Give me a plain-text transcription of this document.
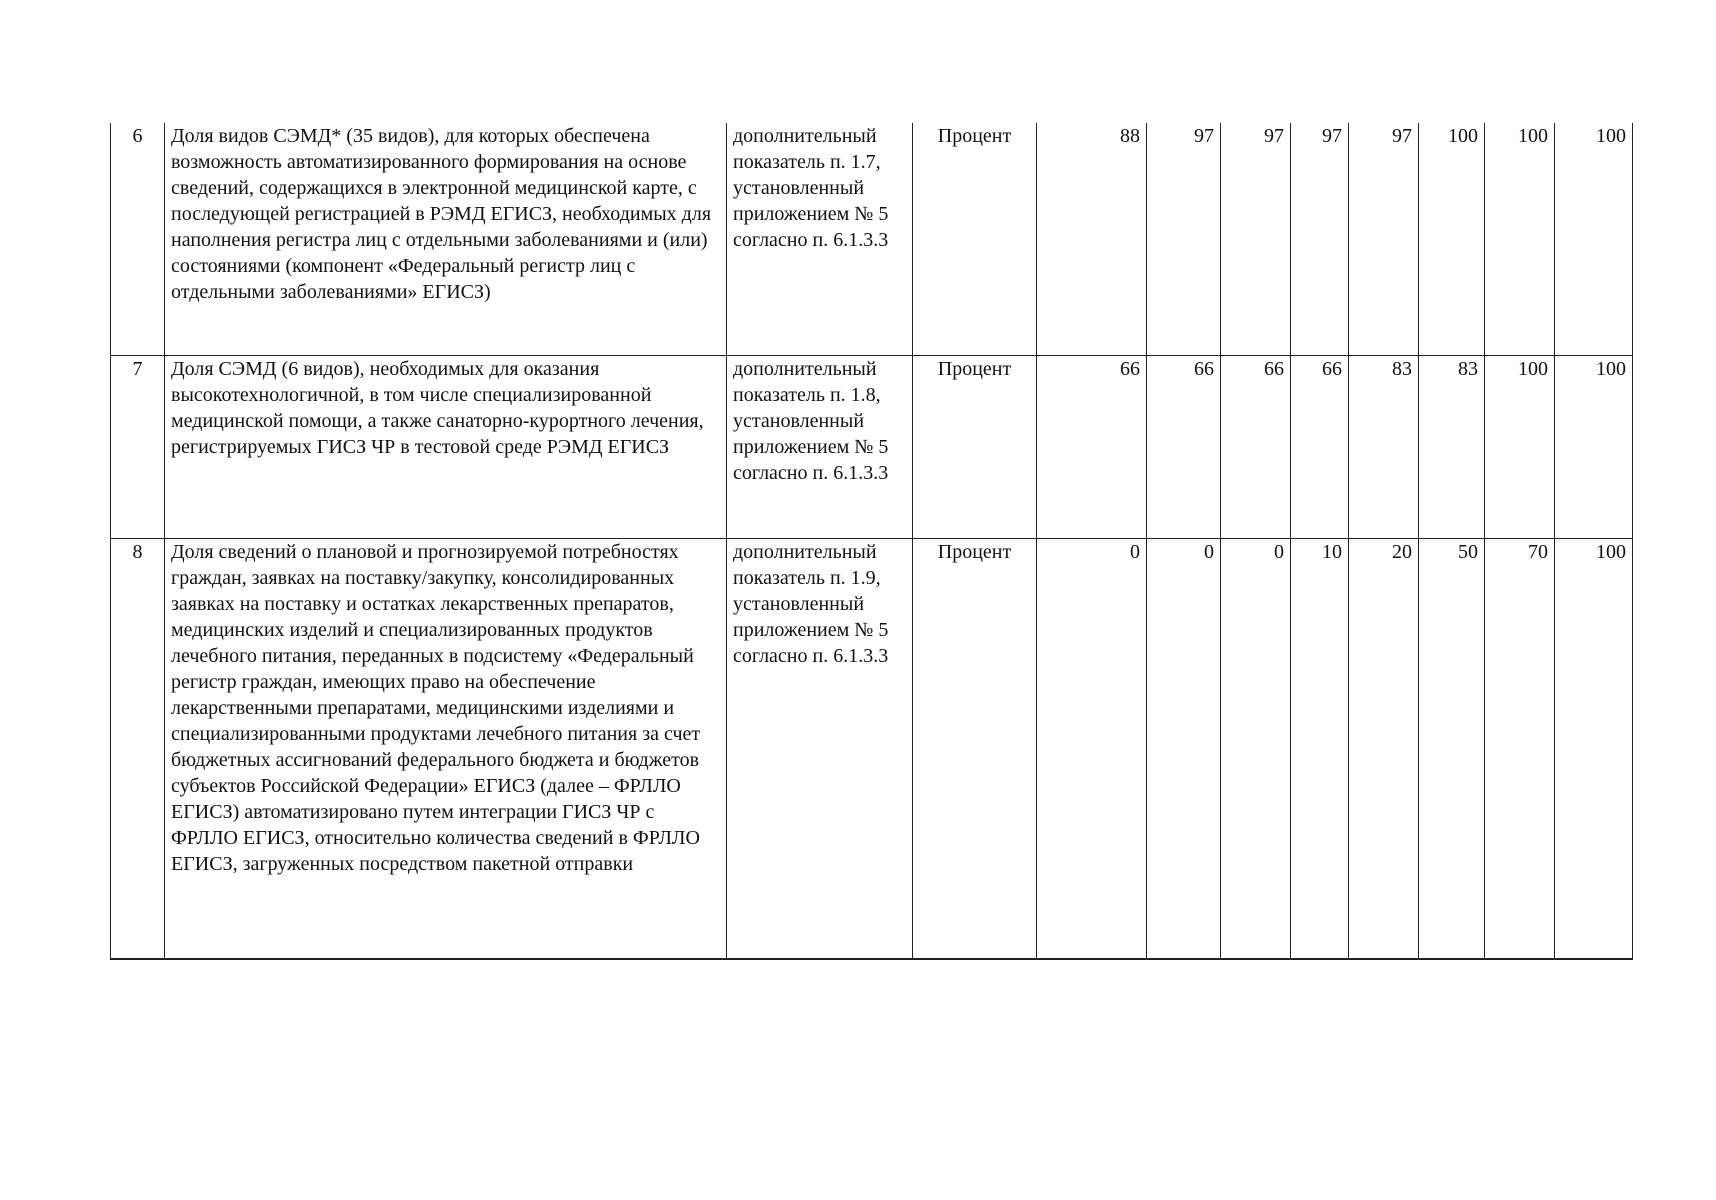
6	Доля видов СЭМД* (35 видов), для которых обеспечена возможность автоматизированного формирования на основе сведений, содержащихся в электронной медицинской карте, с последующей регистрацией в РЭМД ЕГИСЗ, необходимых для наполнения регистра лиц с отдельными заболеваниями и (или) состояниями (компонент «Федеральный регистр лиц с отдельными заболеваниями» ЕГИСЗ)	дополнительный показатель п. 1.7, установленный приложением № 5 согласно п. 6.1.3.3	Процент	88	97	97	97	97	100	100	100
7	Доля СЭМД (6 видов), необходимых для оказания высокотехнологичной, в том числе специализированной медицинской помощи, а также санаторно-курортного лечения, регистрируемых ГИСЗ ЧР в тестовой среде РЭМД ЕГИСЗ	дополнительный показатель п. 1.8, установленный приложением № 5 согласно п. 6.1.3.3	Процент	66	66	66	66	83	83	100	100
8	Доля сведений о плановой и прогнозируемой потребностях граждан, заявках на поставку/закупку, консолидированных заявках на поставку и остатках лекарственных препаратов, медицинских изделий и специализированных продуктов лечебного питания, переданных в подсистему «Федеральный регистр граждан, имеющих право на обеспечение лекарственными препаратами, медицинскими изделиями и специализированными продуктами лечебного питания за счет бюджетных ассигнований федерального бюджета и бюджетов субъектов Российской Федерации» ЕГИСЗ (далее – ФРЛЛО ЕГИСЗ) автоматизировано путем интеграции ГИСЗ ЧР с ФРЛЛО ЕГИСЗ, относительно количества сведений в ФРЛЛО ЕГИСЗ, загруженных посредством пакетной отправки	дополнительный показатель п. 1.9, установленный приложением № 5 согласно п. 6.1.3.3	Процент	0	0	0	10	20	50	70	100
